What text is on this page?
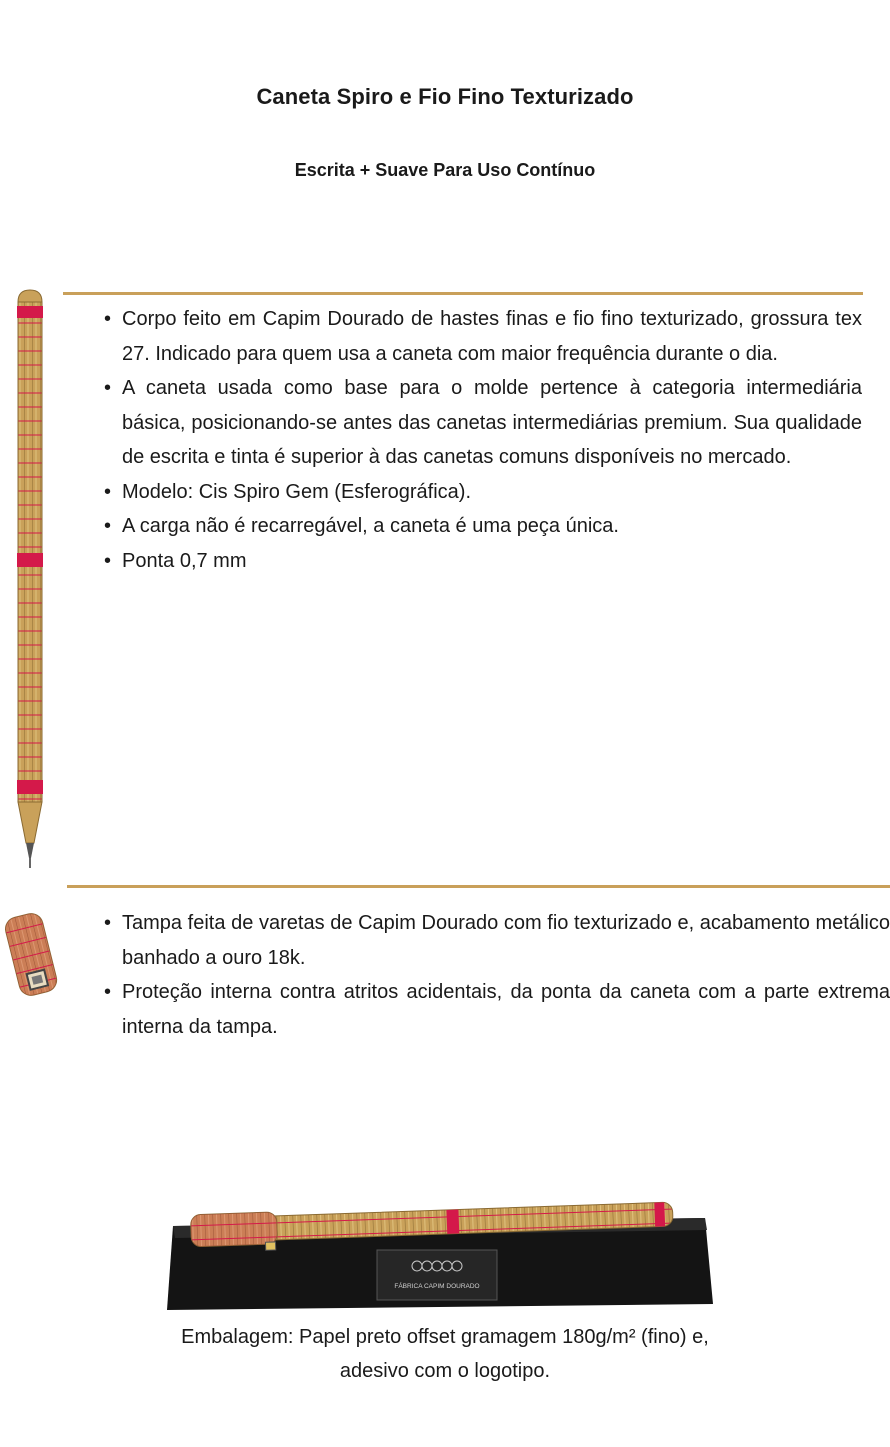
Caneta Spiro e Fio Fino Texturizado
Escrita + Suave Para Uso Contínuo
• Corpo feito em Capim Dourado de hastes finas e fio fino texturizado, grossura tex 27. Indicado para quem usa a caneta com maior frequência durante o dia.
• A caneta usada como base para o molde pertence à categoria intermediária básica, posicionando-se antes das canetas intermediárias premium. Sua qualidade de escrita e tinta é superior à das canetas comuns disponíveis no mercado.
• Modelo: Cis Spiro Gem (Esferográfica).
• A carga não é recarregável, a caneta é uma peça única.
• Ponta 0,7 mm
• Tampa feita de varetas de Capim Dourado com fio texturizado e, acabamento metálico banhado a ouro 18k.
• Proteção interna contra atritos acidentais, da ponta da caneta com a parte extrema interna da tampa.
FÁBRICA CAPIM DOURADO
Embalagem: Papel preto offset gramagem 180g/m² (fino) e,
adesivo com o logotipo.
